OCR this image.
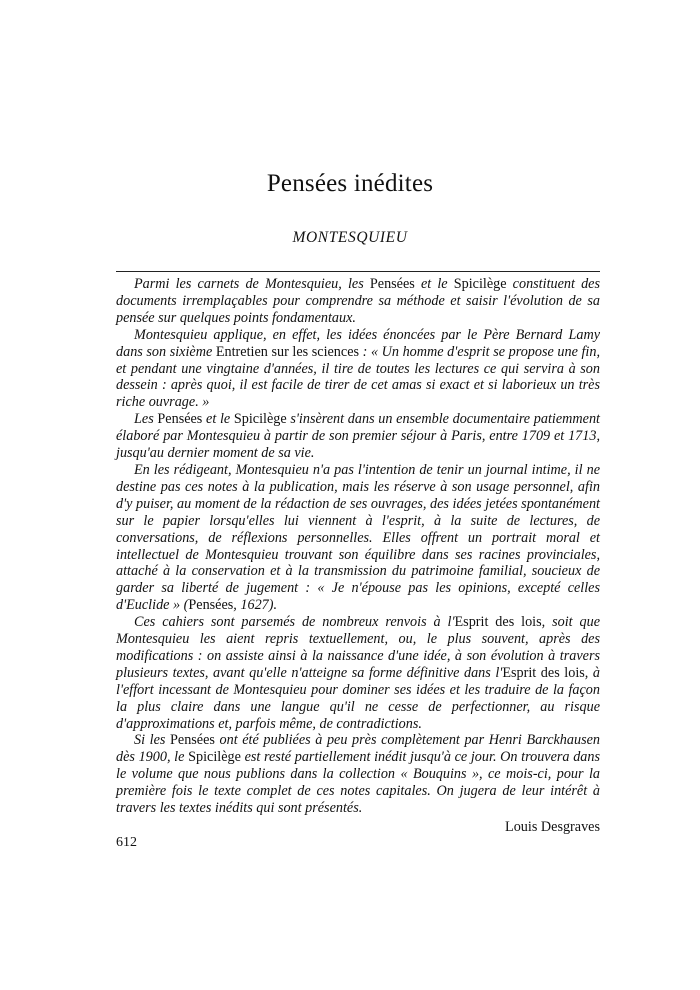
Pensées inédites
MONTESQUIEU

Parmi les carnets de Montesquieu, les Pensées et le Spicilège constituent des documents irremplaçables pour comprendre sa méthode et saisir l'évolution de sa pensée sur quelques points fondamentaux.

Montesquieu applique, en effet, les idées énoncées par le Père Bernard Lamy dans son sixième Entretien sur les sciences : « Un homme d'esprit se propose une fin, et pendant une vingtaine d'années, il tire de toutes les lectures ce qui servira à son dessein : après quoi, il est facile de tirer de cet amas si exact et si laborieux un très riche ouvrage. »

Les Pensées et le Spicilège s'insèrent dans un ensemble documentaire patiemment élaboré par Montesquieu à partir de son premier séjour à Paris, entre 1709 et 1713, jusqu'au dernier moment de sa vie.

En les rédigeant, Montesquieu n'a pas l'intention de tenir un journal intime, il ne destine pas ces notes à la publication, mais les réserve à son usage personnel, afin d'y puiser, au moment de la rédaction de ses ouvrages, des idées jetées spontanément sur le papier lorsqu'elles lui viennent à l'esprit, à la suite de lectures, de conversations, de réflexions personnelles. Elles offrent un portrait moral et intellectuel de Montesquieu trouvant son équilibre dans ses racines provinciales, attaché à la conservation et à la transmission du patrimoine familial, soucieux de garder sa liberté de jugement : « Je n'épouse pas les opinions, excepté celles d'Euclide » (Pensées, 1627).

Ces cahiers sont parsemés de nombreux renvois à l'Esprit des lois, soit que Montesquieu les aient repris textuellement, ou, le plus souvent, après des modifications : on assiste ainsi à la naissance d'une idée, à son évolution à travers plusieurs textes, avant qu'elle n'atteigne sa forme définitive dans l'Esprit des lois, à l'effort incessant de Montesquieu pour dominer ses idées et les traduire de la façon la plus claire dans une langue qu'il ne cesse de perfectionner, au risque d'approximations et, parfois même, de contradictions.

Si les Pensées ont été publiées à peu près complètement par Henri Barckhausen dès 1900, le Spicilège est resté partiellement inédit jusqu'à ce jour. On trouvera dans le volume que nous publions dans la collection « Bouquins », ce mois-ci, pour la première fois le texte complet de ces notes capitales. On jugera de leur intérêt à travers les textes inédits qui sont présentés.

Louis Desgraves
612
